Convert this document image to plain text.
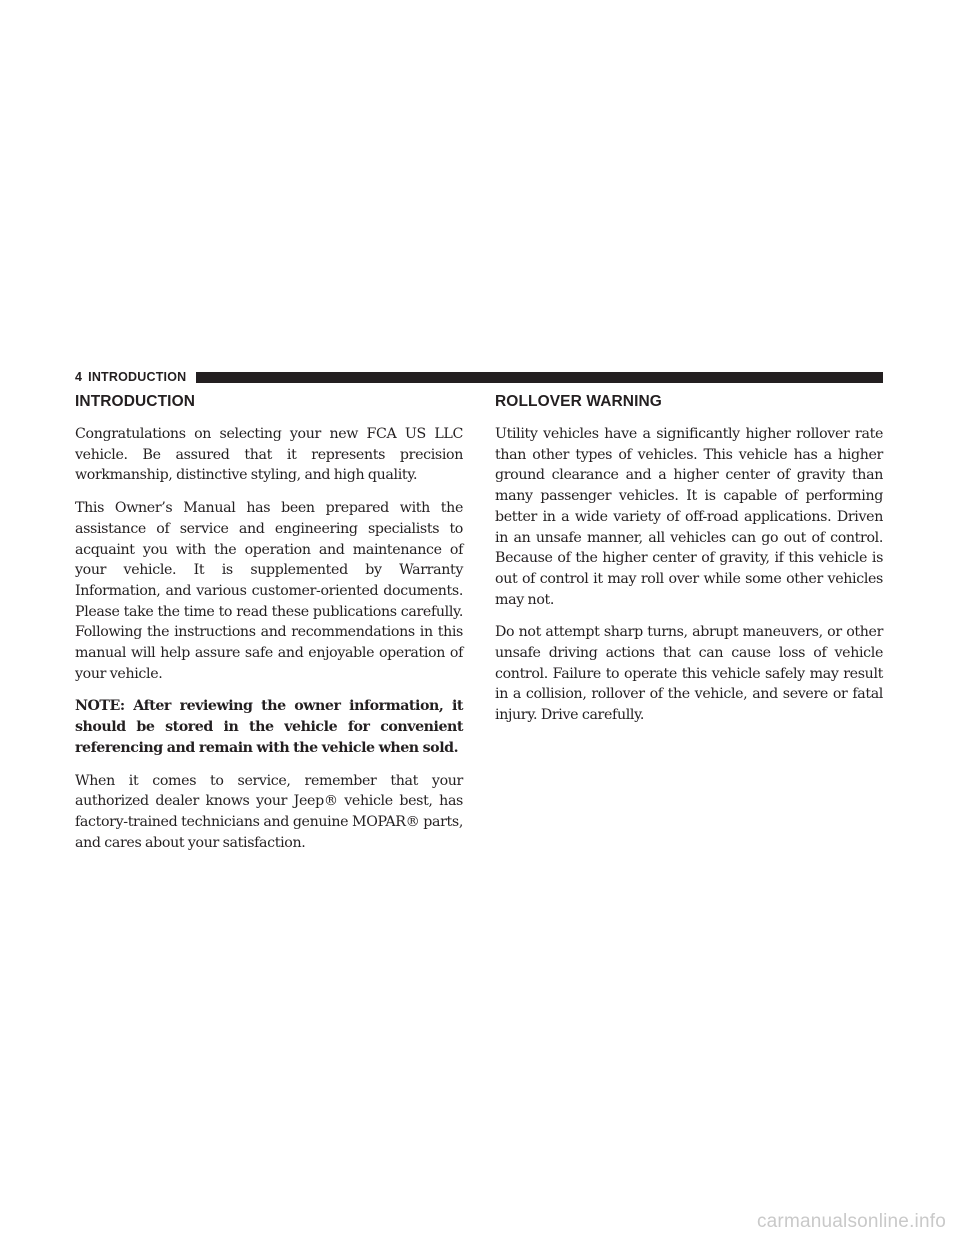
4 INTRODUCTION
INTRODUCTION

Congratulations on selecting your new FCA US LLC vehicle. Be assured that it represents precision workmanship, distinctive styling, and high quality.

This Owner’s Manual has been prepared with the assistance of service and engineering specialists to acquaint you with the operation and maintenance of your vehicle. It is supplemented by Warranty Information, and various customer-oriented documents. Please take the time to read these publications carefully. Following the instructions and recommendations in this manual will help assure safe and enjoyable operation of your vehicle.

NOTE: After reviewing the owner information, it should be stored in the vehicle for convenient referencing and remain with the vehicle when sold.

When it comes to service, remember that your authorized dealer knows your Jeep® vehicle best, has factory-trained technicians and genuine MOPAR® parts, and cares about your satisfaction.

ROLLOVER WARNING

Utility vehicles have a significantly higher rollover rate than other types of vehicles. This vehicle has a higher ground clearance and a higher center of gravity than many passenger vehicles. It is capable of performing better in a wide variety of off-road applications. Driven in an unsafe manner, all vehicles can go out of control. Because of the higher center of gravity, if this vehicle is out of control it may roll over while some other vehicles may not.

Do not attempt sharp turns, abrupt maneuvers, or other unsafe driving actions that can cause loss of vehicle control. Failure to operate this vehicle safely may result in a collision, rollover of the vehicle, and severe or fatal injury. Drive carefully.

carmanualsonline.info
